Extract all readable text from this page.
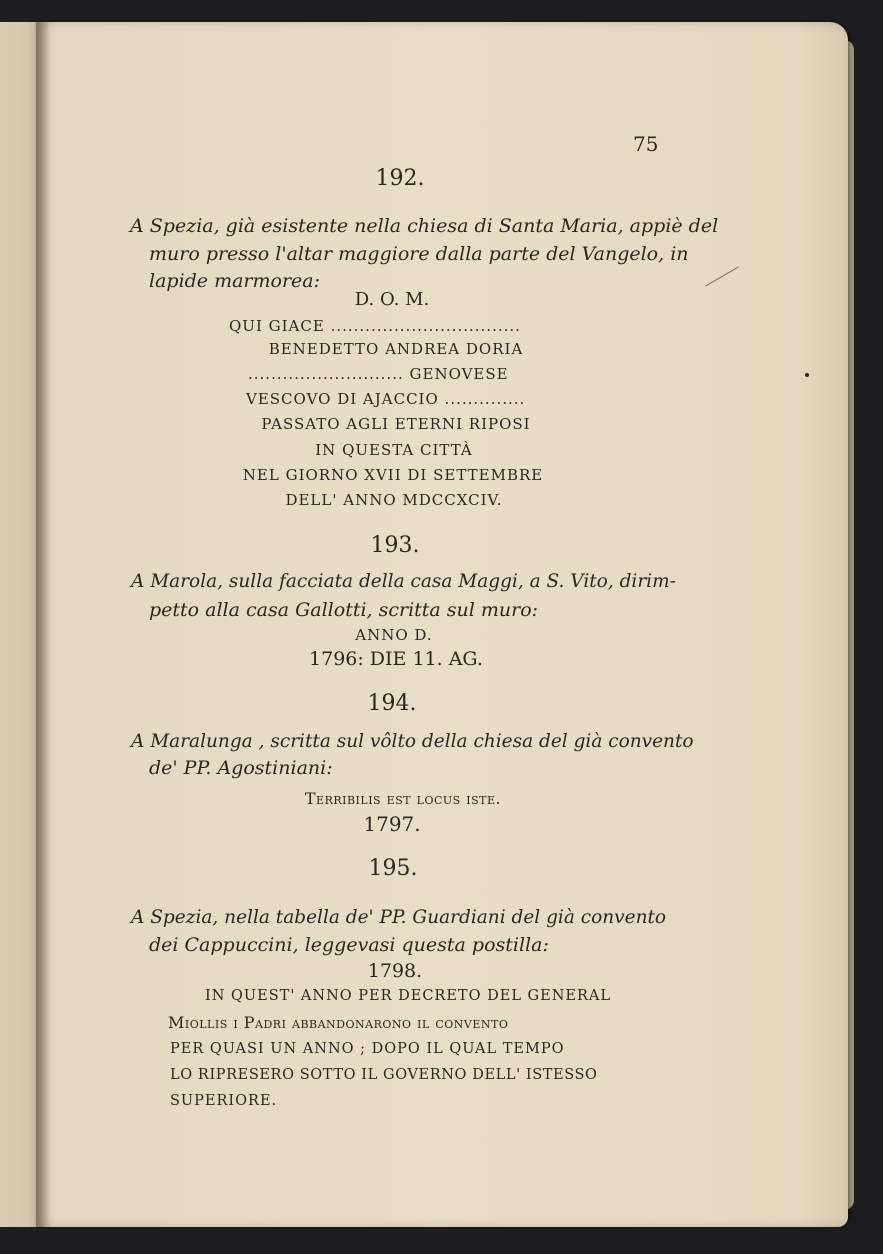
75
192.
A Spezia, già esistente nella chiesa di Santa Maria, appiè del
muro presso l'altar maggiore dalla parte del Vangelo, in
lapide marmorea:
D. O. M.
QUI GIACE .................................
BENEDETTO ANDREA DORIA
........................... GENOVESE
VESCOVO DI AJACCIO ..............
PASSATO AGLI ETERNI RIPOSI
IN QUESTA CITTÀ
NEL GIORNO XVII DI SETTEMBRE
DELL' ANNO MDCCXCIV.
193.
A Marola, sulla facciata della casa Maggi, a S. Vito, dirim-
petto alla casa Gallotti, scritta sul muro:
ANNO D.
1796: DIE 11. AG.
194.
A Maralunga , scritta sul vôlto della chiesa del già convento
de' PP. Agostiniani:
Terribilis est locus iste.
1797.
195.
A Spezia, nella tabella de' PP. Guardiani del già convento
dei Cappuccini, leggevasi questa postilla:
1798.
IN QUEST' ANNO PER DECRETO DEL GENERAL
Miollis i Padri abbandonarono il convento
PER QUASI UN ANNO ; DOPO IL QUAL TEMPO
LO RIPRESERO SOTTO IL GOVERNO DELL' ISTESSO
SUPERIORE.
